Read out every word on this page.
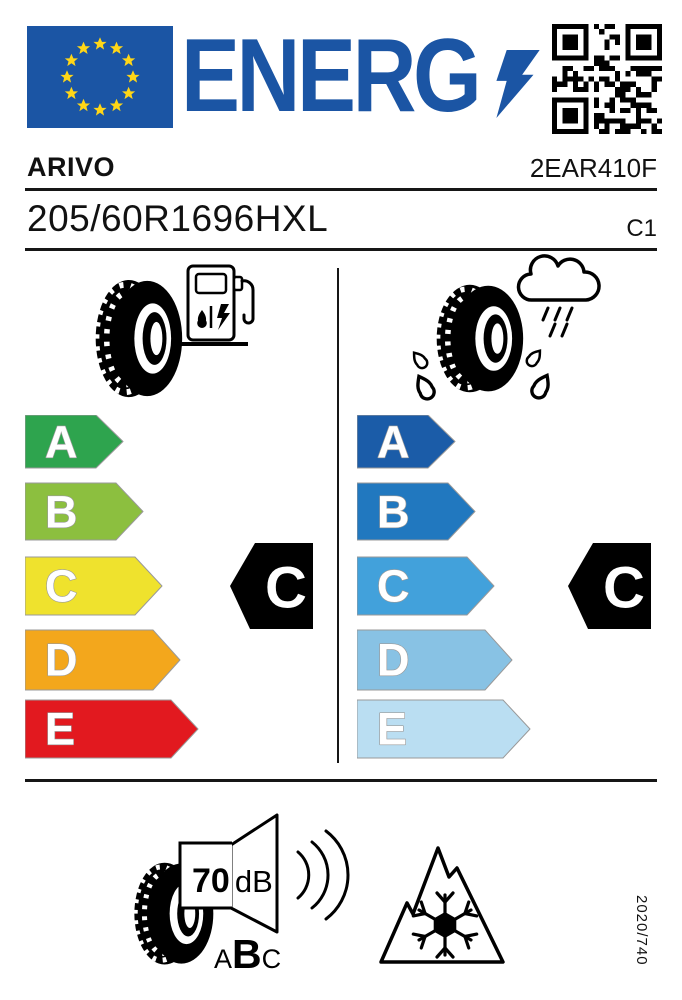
ENERG
ARIVO	2EAR410F
205/60R1696HXL	C1
A
B
C
D
E
C
A
B
C
D
E
C
70 dB
ABC	2020/740
